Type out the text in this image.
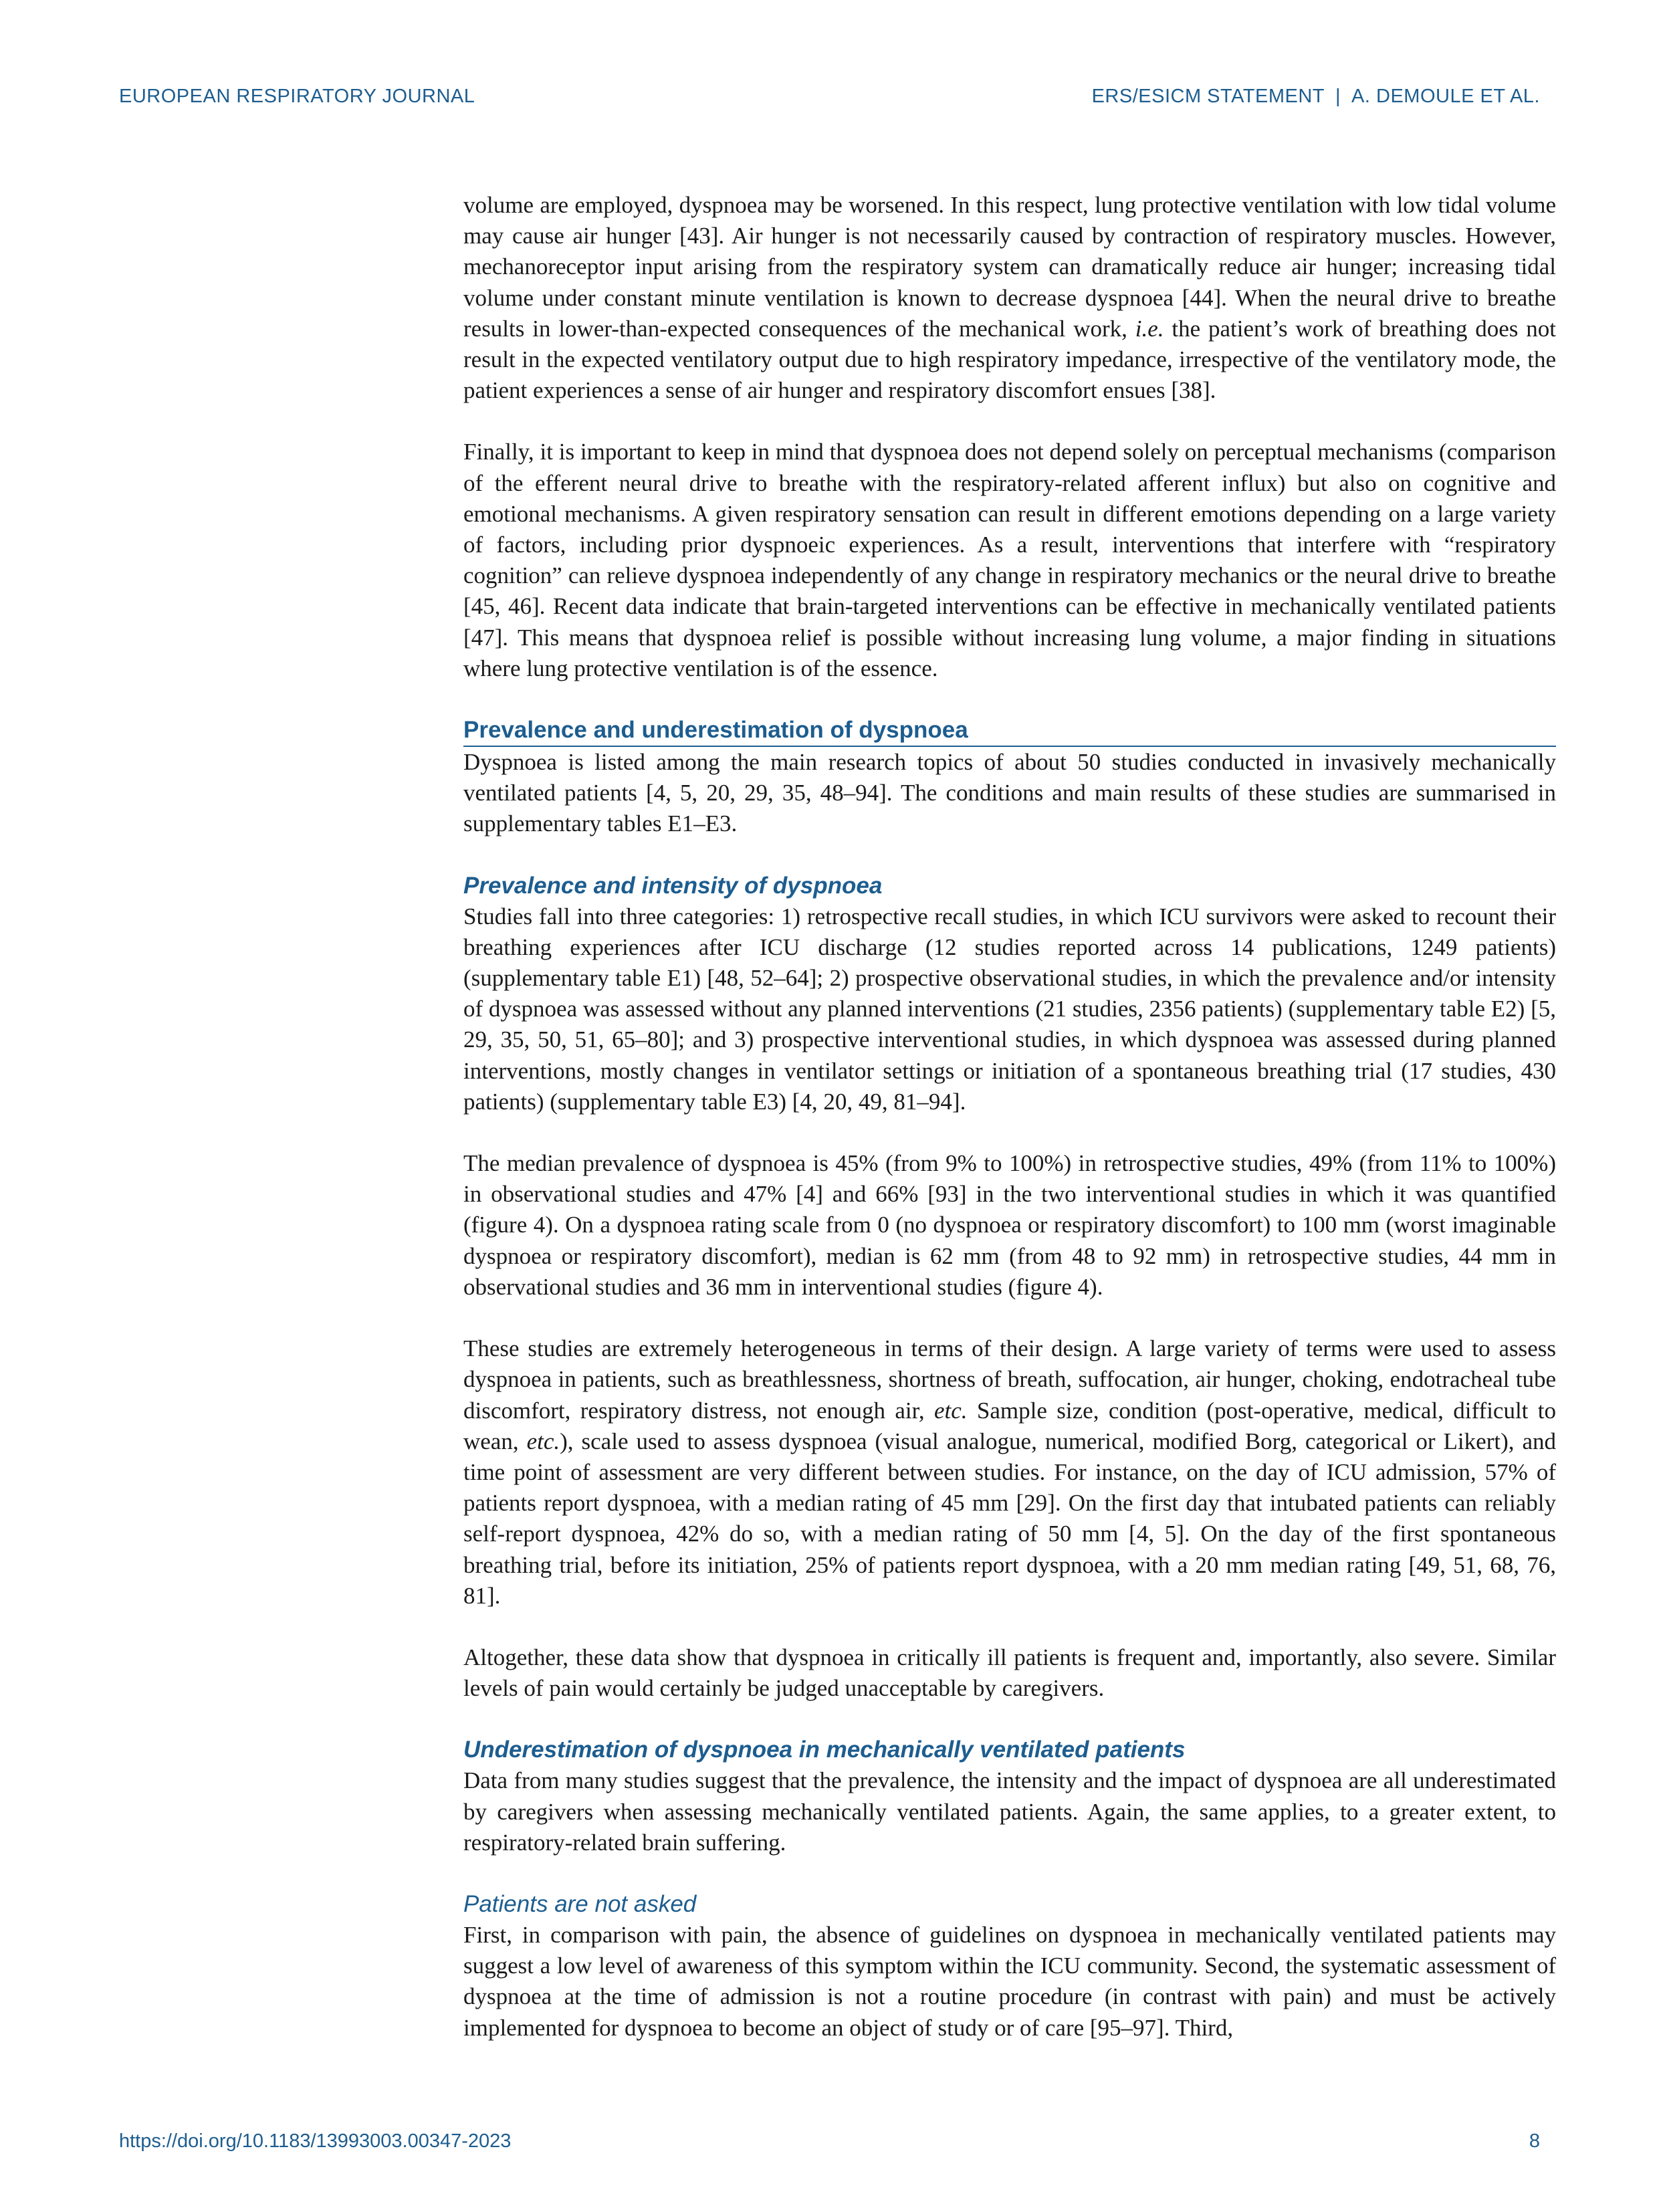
EUROPEAN RESPIRATORY JOURNAL	ERS/ESICM STATEMENT | A. DEMOULE ET AL.

volume are employed, dyspnoea may be worsened. In this respect, lung protective ventilation with low tidal volume may cause air hunger [43]. Air hunger is not necessarily caused by contraction of respiratory muscles. However, mechanoreceptor input arising from the respiratory system can dramatically reduce air hunger; increasing tidal volume under constant minute ventilation is known to decrease dyspnoea [44]. When the neural drive to breathe results in lower-than-expected consequences of the mechanical work, i.e. the patient’s work of breathing does not result in the expected ventilatory output due to high respiratory impedance, irrespective of the ventilatory mode, the patient experiences a sense of air hunger and respiratory discomfort ensues [38].

Finally, it is important to keep in mind that dyspnoea does not depend solely on perceptual mechanisms (comparison of the efferent neural drive to breathe with the respiratory-related afferent influx) but also on cognitive and emotional mechanisms. A given respiratory sensation can result in different emotions depending on a large variety of factors, including prior dyspnoeic experiences. As a result, interventions that interfere with “respiratory cognition” can relieve dyspnoea independently of any change in respiratory mechanics or the neural drive to breathe [45, 46]. Recent data indicate that brain-targeted interventions can be effective in mechanically ventilated patients [47]. This means that dyspnoea relief is possible without increasing lung volume, a major finding in situations where lung protective ventilation is of the essence.

Prevalence and underestimation of dyspnoea

Dyspnoea is listed among the main research topics of about 50 studies conducted in invasively mechanically ventilated patients [4, 5, 20, 29, 35, 48–94]. The conditions and main results of these studies are summarised in supplementary tables E1–E3.

Prevalence and intensity of dyspnoea

Studies fall into three categories: 1) retrospective recall studies, in which ICU survivors were asked to recount their breathing experiences after ICU discharge (12 studies reported across 14 publications, 1249 patients) (supplementary table E1) [48, 52–64]; 2) prospective observational studies, in which the prevalence and/or intensity of dyspnoea was assessed without any planned interventions (21 studies, 2356 patients) (supplementary table E2) [5, 29, 35, 50, 51, 65–80]; and 3) prospective interventional studies, in which dyspnoea was assessed during planned interventions, mostly changes in ventilator settings or initiation of a spontaneous breathing trial (17 studies, 430 patients) (supplementary table E3) [4, 20, 49, 81–94].

The median prevalence of dyspnoea is 45% (from 9% to 100%) in retrospective studies, 49% (from 11% to 100%) in observational studies and 47% [4] and 66% [93] in the two interventional studies in which it was quantified (figure 4). On a dyspnoea rating scale from 0 (no dyspnoea or respiratory discomfort) to 100 mm (worst imaginable dyspnoea or respiratory discomfort), median is 62 mm (from 48 to 92 mm) in retrospective studies, 44 mm in observational studies and 36 mm in interventional studies (figure 4).

These studies are extremely heterogeneous in terms of their design. A large variety of terms were used to assess dyspnoea in patients, such as breathlessness, shortness of breath, suffocation, air hunger, choking, endotracheal tube discomfort, respiratory distress, not enough air, etc. Sample size, condition (post-operative, medical, difficult to wean, etc.), scale used to assess dyspnoea (visual analogue, numerical, modified Borg, categorical or Likert), and time point of assessment are very different between studies. For instance, on the day of ICU admission, 57% of patients report dyspnoea, with a median rating of 45 mm [29]. On the first day that intubated patients can reliably self-report dyspnoea, 42% do so, with a median rating of 50 mm [4, 5]. On the day of the first spontaneous breathing trial, before its initiation, 25% of patients report dyspnoea, with a 20 mm median rating [49, 51, 68, 76, 81].

Altogether, these data show that dyspnoea in critically ill patients is frequent and, importantly, also severe. Similar levels of pain would certainly be judged unacceptable by caregivers.

Underestimation of dyspnoea in mechanically ventilated patients

Data from many studies suggest that the prevalence, the intensity and the impact of dyspnoea are all underestimated by caregivers when assessing mechanically ventilated patients. Again, the same applies, to a greater extent, to respiratory-related brain suffering.

Patients are not asked

First, in comparison with pain, the absence of guidelines on dyspnoea in mechanically ventilated patients may suggest a low level of awareness of this symptom within the ICU community. Second, the systematic assessment of dyspnoea at the time of admission is not a routine procedure (in contrast with pain) and must be actively implemented for dyspnoea to become an object of study or of care [95–97]. Third,

https://doi.org/10.1183/13993003.00347-2023	8
